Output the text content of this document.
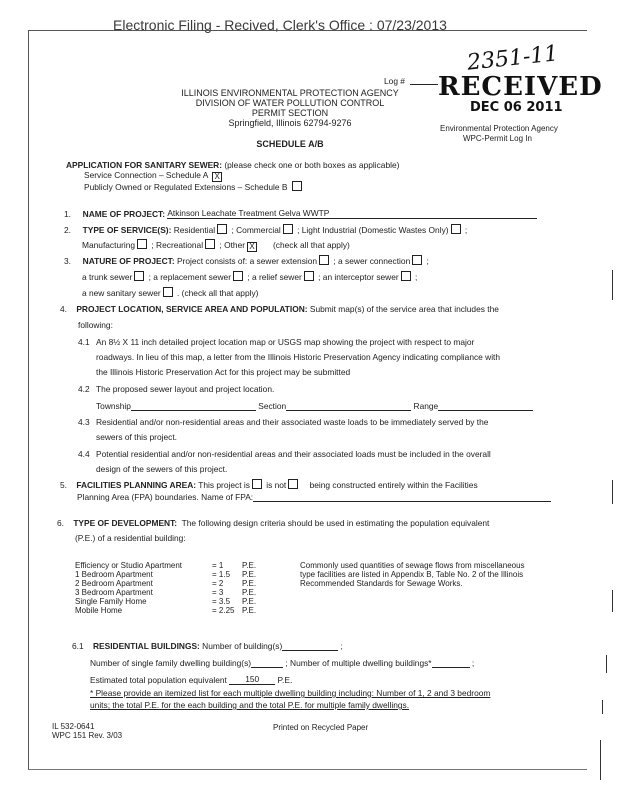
Electronic Filing - Recived, Clerk's Office : 07/23/2013
2351-11
RECEIVED
DEC 06 2011
Environmental Protection Agency
WPC-Permit Log In
Log #
ILLINOIS ENVIRONMENTAL PROTECTION AGENCY
DIVISION OF WATER POLLUTION CONTROL
PERMIT SECTION
Springfield, Illinois 62794-9276
SCHEDULE A/B
APPLICATION FOR SANITARY SEWER: (please check one or both boxes as applicable)
Service Connection – Schedule A X
Publicly Owned or Regulated Extensions – Schedule B
1. NAME OF PROJECT: Atkinson Leachate Treatment Gelva WWTP
2. TYPE OF SERVICE(S): Residential ; Commercial ; Light Industrial (Domestic Wastes Only) ;
Manufacturing ; Recreational ; Other X (check all that apply)
3. NATURE OF PROJECT: Project consists of: a sewer extension ; a sewer connection ;
a trunk sewer ; a replacement sewer ; a relief sewer ; an interceptor sewer ;
a new sanitary sewer . (check all that apply)
4. PROJECT LOCATION, SERVICE AREA AND POPULATION: Submit map(s) of the service area that includes the
following:
4.1 An 8½ X 11 inch detailed project location map or USGS map showing the project with respect to major
roadways. In lieu of this map, a letter from the Illinois Historic Preservation Agency indicating compliance with
the Illinois Historic Preservation Act for this project may be submitted
4.2 The proposed sewer layout and project location.
Township	Section	Range
4.3 Residential and/or non-residential areas and their associated waste loads to be immediately served by the
sewers of this project.
4.4 Potential residential and/or non-residential areas and their associated loads must be included in the overall
design of the sewers of this project.
5. FACILITIES PLANNING AREA: This project is is not	being constructed entirely within the Facilities
Planning Area (FPA) boundaries. Name of FPA:
6. TYPE OF DEVELOPMENT: The following design criteria should be used in estimating the population equivalent
(P.E.) of a residential building:
Efficiency or Studio Apartment	= 1	P.E.
1 Bedroom Apartment	= 1.5	P.E.
2 Bedroom Apartment	= 2	P.E.
3 Bedroom Apartment	= 3	P.E.
Single Family Home	= 3.5	P.E.
Mobile Home	= 2.25 P.E.
Commonly used quantities of sewage flows from miscellaneous
type facilities are listed in Appendix B, Table No. 2 of the Illinois
Recommended Standards for Sewage Works.
6.1 RESIDENTIAL BUILDINGS: Number of building(s)	;
Number of single family dwelling building(s)	; Number of multiple dwelling buildings*	;
Estimated total population equivalent 150 P.E.
* Please provide an itemized list for each multiple dwelling building including: Number of 1, 2 and 3 bedroom
units; the total P.E. for the each building and the total P.E. for multiple family dwellings.
IL 532-0641
WPC 151 Rev. 3/03
Printed on Recycled Paper
